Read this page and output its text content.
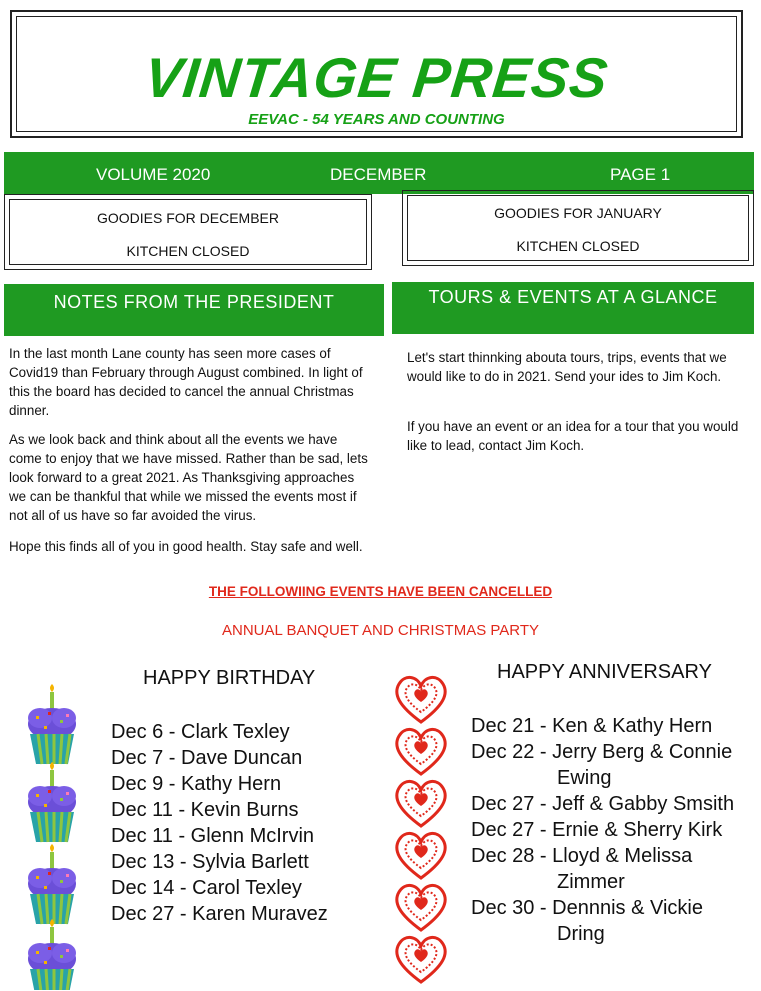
VINTAGE PRESS
EEVAC - 54 YEARS AND COUNTING
VOLUME 2020	DECEMBER	PAGE 1
GOODIES FOR DECEMBER
KITCHEN CLOSED
GOODIES FOR JANUARY
KITCHEN CLOSED
NOTES FROM THE PRESIDENT	TOURS & EVENTS AT A GLANCE
In the last month Lane county has seen more cases of Covid19 than February through August combined. In light of this the board has decided to cancel the annual Christmas dinner.
As we look back and think about all the events we have come to enjoy that we have missed. Rather than be sad, lets look forward to a great 2021. As Thanksgiving approaches we can be thankful that while we missed the events most if not all of us have so far avoided the virus.
Hope this finds all of you in good health. Stay safe and well.
Let's start thinnking abouta tours, trips, events that we would like to do in 2021. Send your ides to Jim Koch.
If you have an event or an idea for a tour that you would like to lead, contact Jim Koch.
THE FOLLOWIING EVENTS HAVE BEEN CANCELLED
ANNUAL BANQUET AND CHRISTMAS PARTY
HAPPY BIRTHDAY
Dec 6 - Clark Texley
Dec 7 - Dave Duncan
Dec 9 - Kathy Hern
Dec 11 - Kevin Burns
Dec 11 - Glenn McIrvin
Dec 13 - Sylvia Barlett
Dec 14 - Carol Texley
Dec 27 - Karen Muravez
HAPPY ANNIVERSARY
Dec 21 - Ken & Kathy Hern
Dec 22 - Jerry Berg & Connie
Ewing
Dec 27 - Jeff & Gabby Smsith
Dec 27 - Ernie & Sherry Kirk
Dec 28 - Lloyd & Melissa
Zimmer
Dec 30 - Dennnis & Vickie
Dring
